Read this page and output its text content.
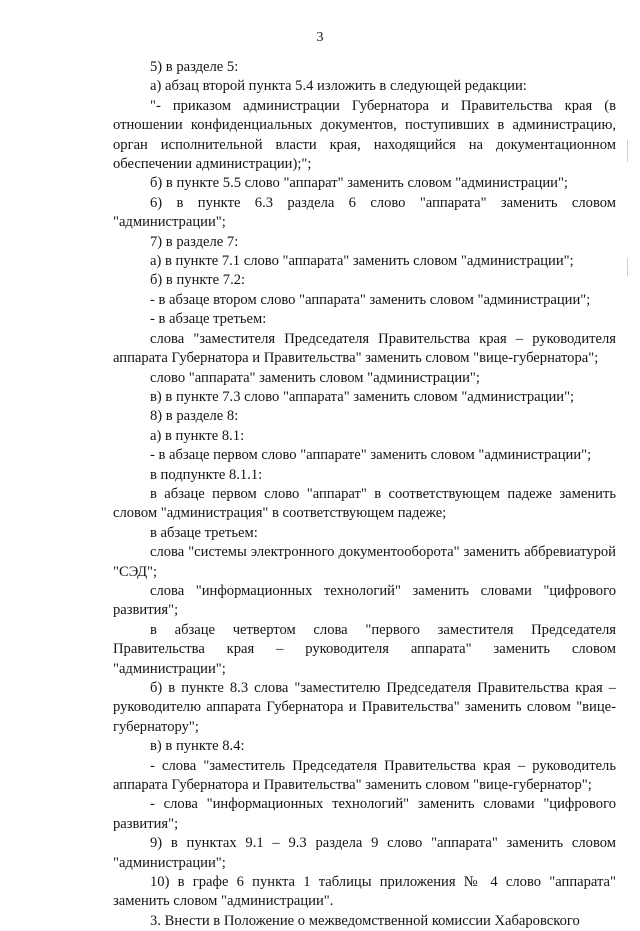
3

5) в разделе 5:

а) абзац второй пункта 5.4 изложить в следующей редакции:

"- приказом администрации Губернатора и Правительства края (в отношении конфиденциальных документов, поступивших в администрацию, орган исполнительной власти края, находящийся на документационном обеспечении администрации);";

б) в пункте 5.5 слово "аппарат" заменить словом "администрации";

6) в пункте 6.3 раздела 6 слово "аппарата" заменить словом "администрации";

7) в разделе 7:

а) в пункте 7.1 слово "аппарата" заменить словом "администрации";

б) в пункте 7.2:

- в абзаце втором слово "аппарата" заменить словом "администрации";

- в абзаце третьем:

слова "заместителя Председателя Правительства края – руководителя аппарата Губернатора и Правительства" заменить словом "вице-губернатора";

слово "аппарата" заменить словом "администрации";

в) в пункте 7.3 слово "аппарата" заменить словом "администрации";

8) в разделе 8:

а) в пункте 8.1:

- в абзаце первом слово "аппарате" заменить словом "администрации";

в подпункте 8.1.1:

в абзаце первом слово "аппарат" в соответствующем падеже заменить словом "администрация" в соответствующем падеже;

в абзаце третьем:

слова "системы электронного документооборота" заменить аббревиатурой "СЭД";

слова "информационных технологий" заменить словами "цифрового развития";

в абзаце четвертом слова "первого заместителя Председателя Правительства края – руководителя аппарата" заменить словом "администрации";

б) в пункте 8.3 слова "заместителю Председателя Правительства края – руководителю аппарата Губернатора и Правительства" заменить словом "вице-губернатору";

в) в пункте 8.4:

- слова "заместитель Председателя Правительства края – руководитель аппарата Губернатора и Правительства" заменить словом "вице-губернатор";

- слова "информационных технологий" заменить словами "цифрового развития";

9) в пунктах 9.1 – 9.3 раздела 9 слово "аппарата" заменить словом "администрации";

10) в графе 6 пункта 1 таблицы приложения № 4 слово "аппарата" заменить словом "администрации".

3. Внести в Положение о межведомственной комиссии Хабаровского
